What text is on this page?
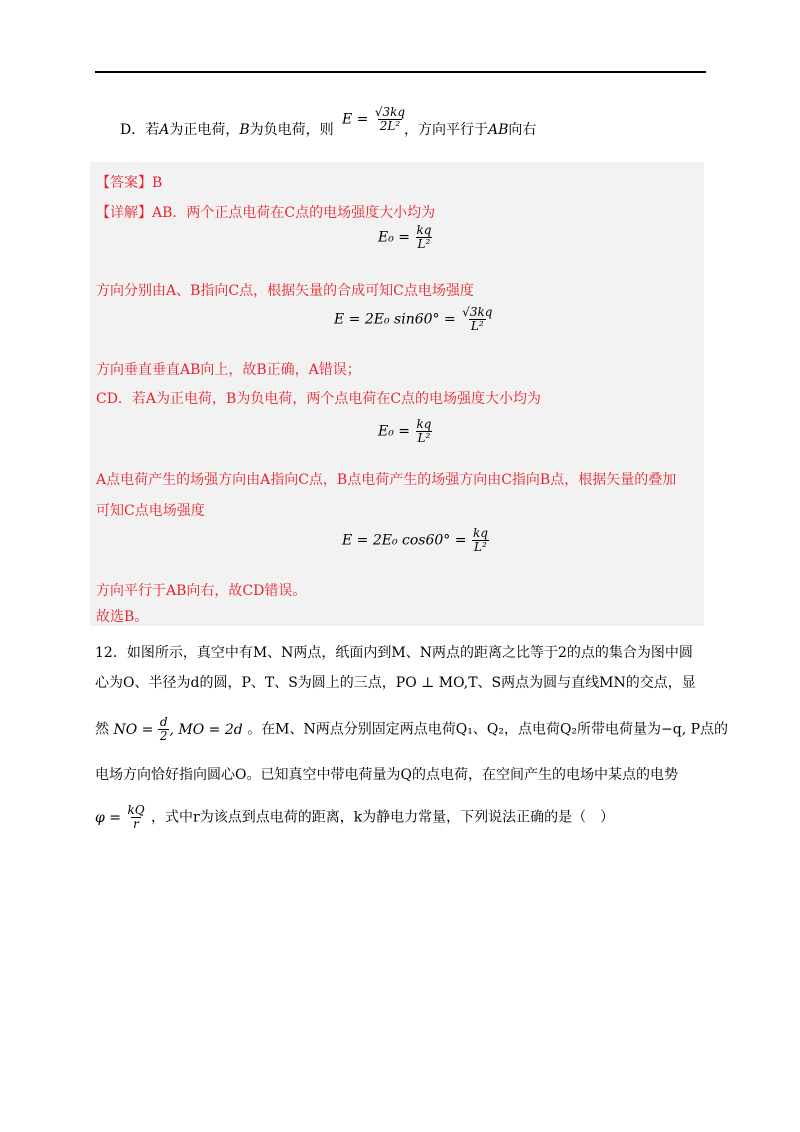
D．若A为正电荷，B为负电荷，则
$E = \frac{√3kq}{\text{2L²}}$
，方向平行于AB向右
【答案】B
【详解】AB．两个正点电荷在C点的电场强度大小均为
$E_0 = \frac{kq}{\text{L²}}$
方向分别由A、B指向C点，根据矢量的合成可知C点电场强度
E = 2E₀ $\sin 60^\circ = \frac{√3kq}{\text{L²}}$
方向垂直垂直AB向上，故B正确，A错误；
CD．若A为正电荷，B为负电荷，两个点电荷在C点的电场强度大小均为
$E_0 = \frac{kq}{\text{L²}}$
A点电荷产生的场强方向由A指向C点，B点电荷产生的场强方向由C指向B点，根据矢量的叠加
可知C点电场强度
E = 2E₀ $\cos 60^\circ = \frac{kq}{\text{L²}}$
方向平行于AB向右，故CD错误。
故选B。
12．如图所示，真空中有M、N两点，纸面内到M、N两点的距离之比等于2的点的集合为图中圆
心为O、半径为d的圆，P、T、S为圆上的三点，PO ⊥ MO,T、S两点为圆与直线MN的交点，显
然 NO = $\frac{d}{2}$ , MO = 2d 。在M、N两点分别固定两点电荷Q₁、Q₂，点电荷Q₂所带电荷量为−q, P点的
电场方向恰好指向圆心O。已知真空中带电荷量为Q的点电荷，在空间产生的电场中某点的电势
$\varphi = \frac{kQ}{r}$ ，式中r为该点到点电荷的距离，k为静电力常量，下列说法正确的是（　）
